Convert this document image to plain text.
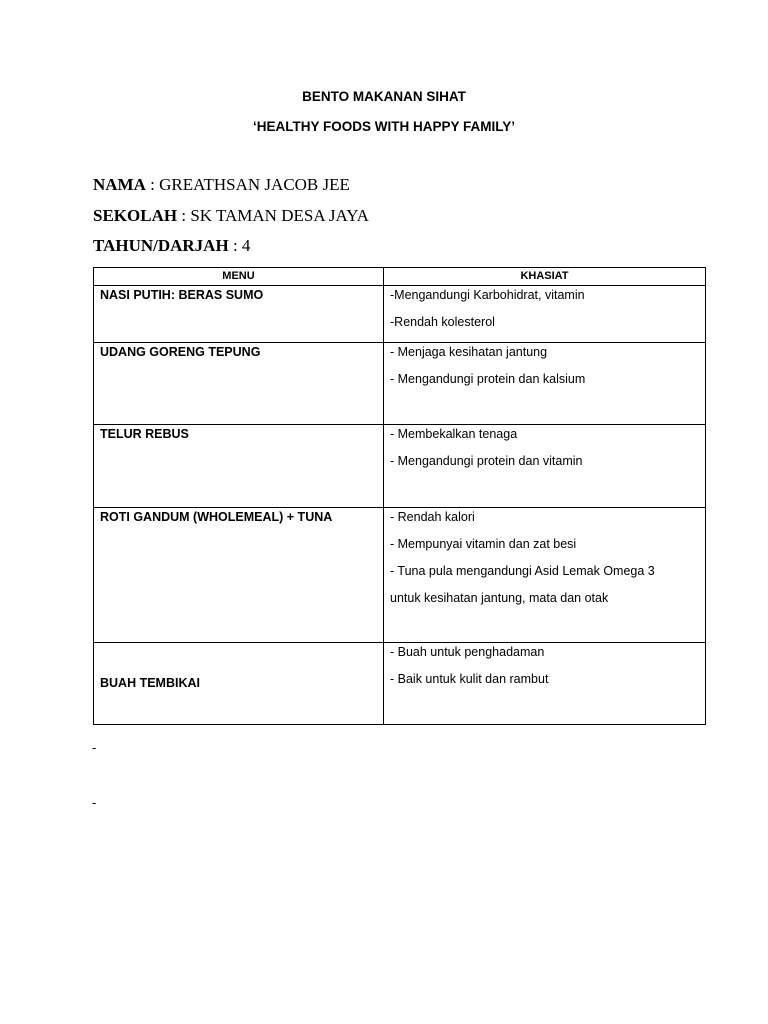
BENTO MAKANAN SIHAT
‘HEALTHY FOODS WITH HAPPY FAMILY’
NAMA : GREATHSAN JACOB JEE
SEKOLAH : SK TAMAN DESA JAYA
TAHUN/DARJAH : 4
MENU	KHASIAT
NASI PUTIH: BERAS SUMO	-Mengandungi Karbohidrat, vitamin
-Rendah kolesterol

UDANG GORENG TEPUNG	- Menjaga kesihatan jantung
- Mengandungi protein dan kalsium

TELUR REBUS	- Membekalkan tenaga
- Mengandungi protein dan vitamin

ROTI GANDUM (WHOLEMEAL) + TUNA	- Rendah kalori
- Mempunyai vitamin dan zat besi
- Tuna pula mengandungi Asid Lemak Omega 3
untuk kesihatan jantung, mata dan otak

BUAH TEMBIKAI	- Buah untuk penghadaman
- Baik untuk kulit dan rambut
-
-
